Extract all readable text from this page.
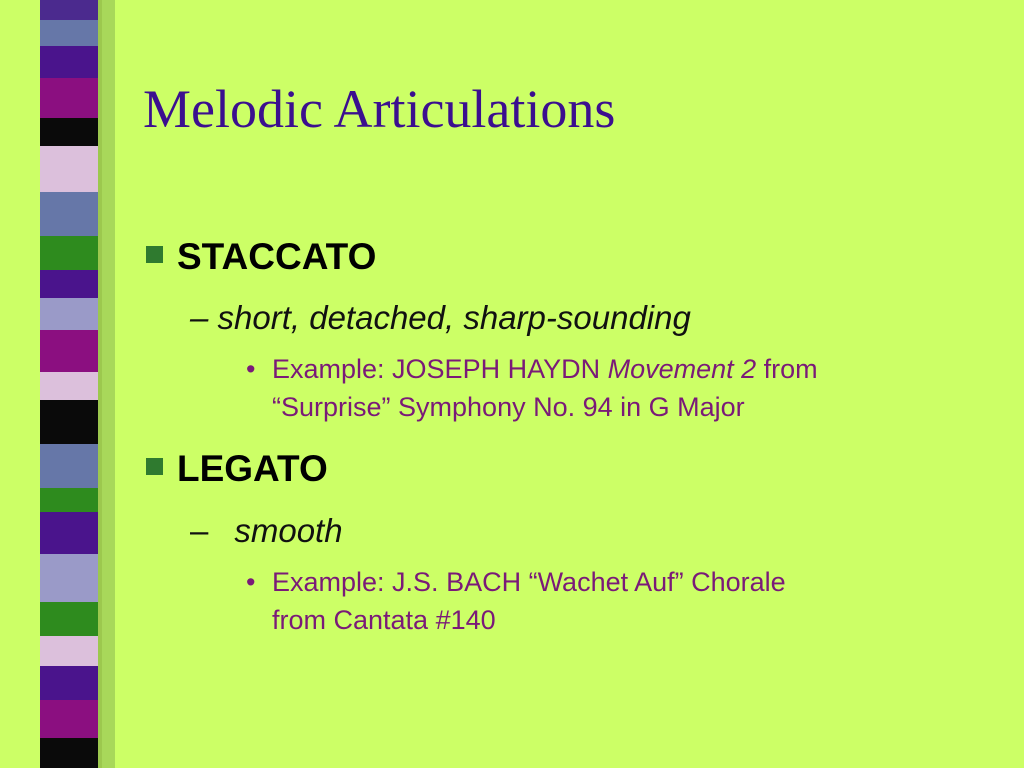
Melodic Articulations
STACCATO
– short, detached, sharp-sounding
• Example: JOSEPH HAYDN Movement 2 from
“Surprise” Symphony No. 94 in G Major
LEGATO
– smooth
• Example: J.S. BACH “Wachet Auf” Chorale
from Cantata #140
